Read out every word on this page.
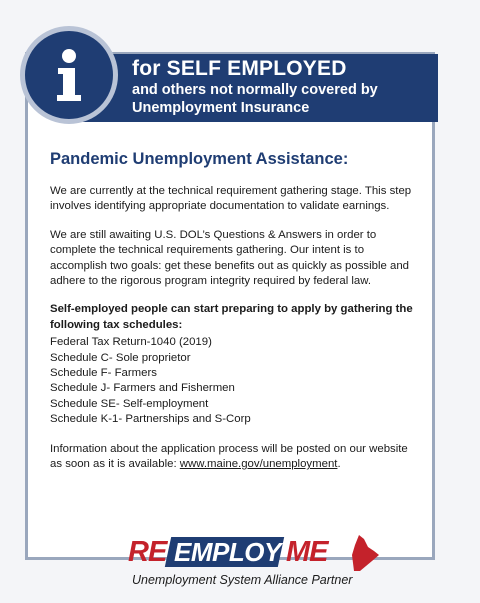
for SELF EMPLOYED
and others not normally covered by
Unemployment Insurance
Pandemic Unemployment Assistance:

We are currently at the technical requirement gathering stage. This step involves identifying appropriate documentation to validate earnings.

We are still awaiting U.S. DOL’s Questions & Answers in order to complete the technical requirements gathering. Our intent is to accomplish two goals: get these benefits out as quickly as possible and adhere to the rigorous program integrity required by federal law.

Self-employed people can start preparing to apply by gathering the following tax schedules:

Federal Tax Return-1040 (2019)
Schedule C- Sole proprietor
Schedule F- Farmers
Schedule J- Farmers and Fishermen
Schedule SE- Self-employment
Schedule K-1- Partnerships and S-Corp

Information about the application process will be posted on our website as soon as it is available: www.maine.gov/unemployment.

RE EMPLOY ME
Unemployment System Alliance Partner
